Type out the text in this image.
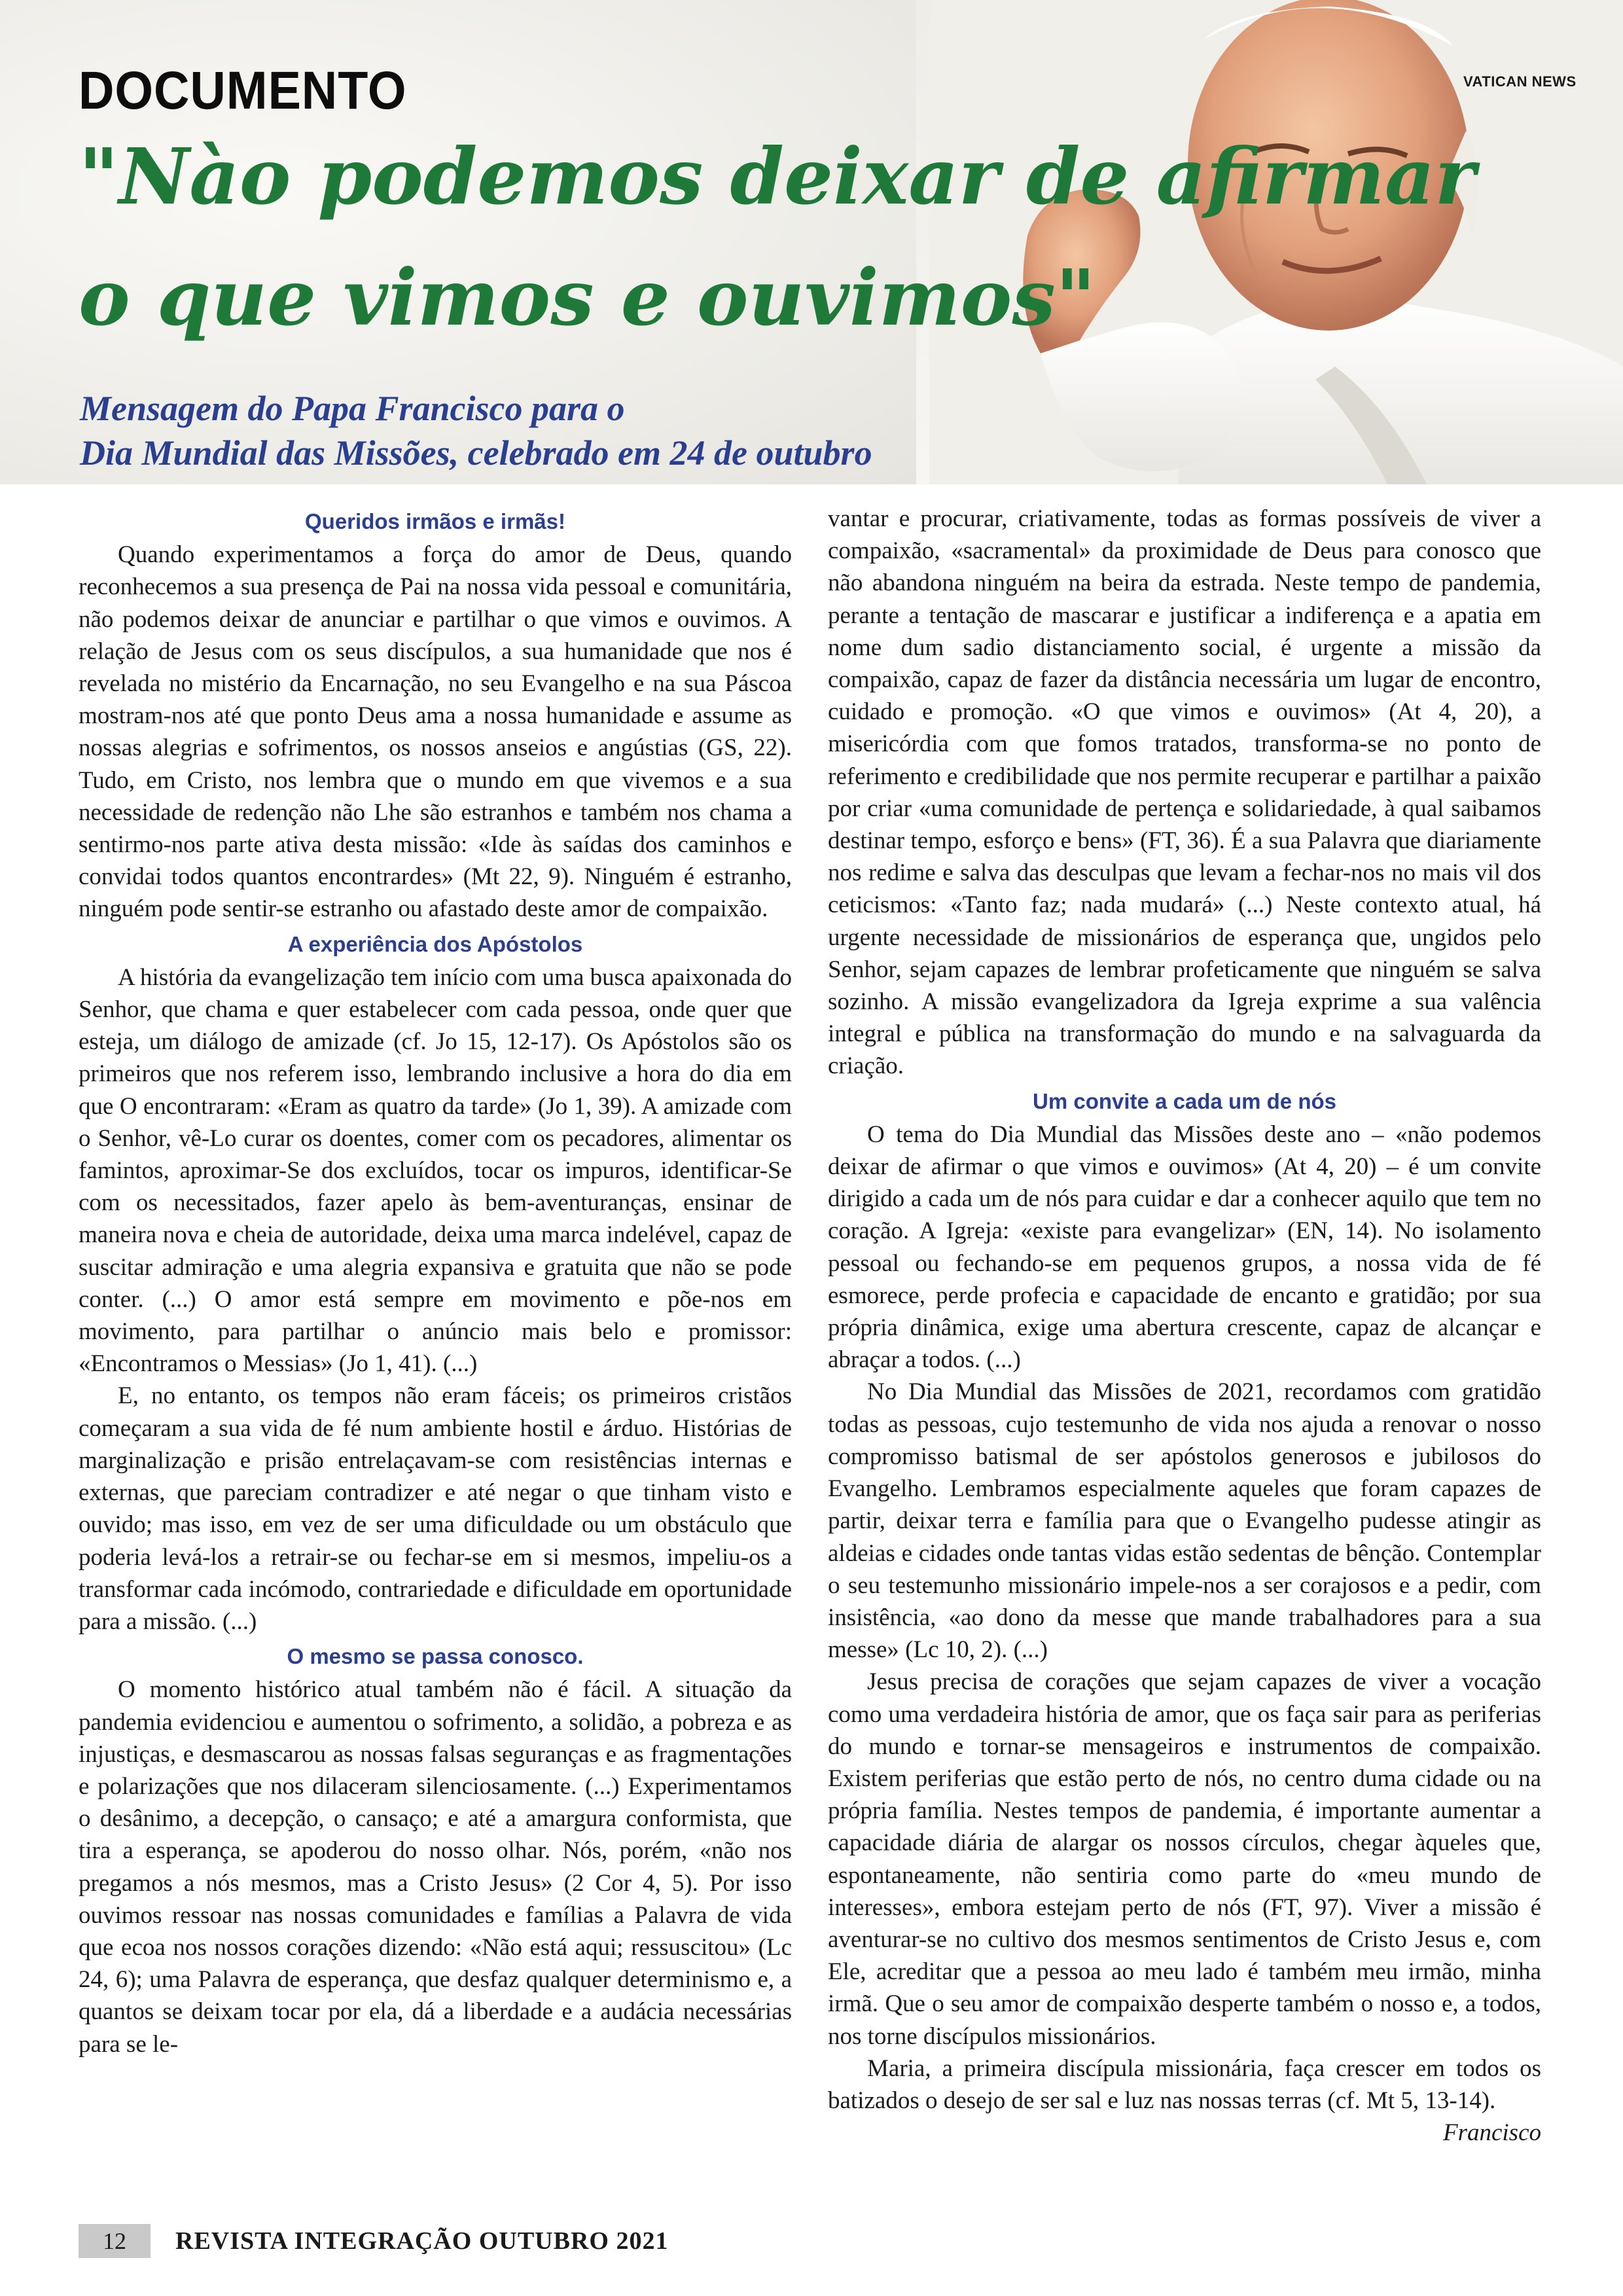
DOCUMENTO	VATICAN NEWS
"Nào podemos deixar de afirmar
o que vimos e ouvimos"
Mensagem do Papa Francisco para o
Dia Mundial das Missões, celebrado em 24 de outubro
Queridos irmãos e irmãs!

Quando experimentamos a força do amor de Deus, quando reconhecemos a sua presença de Pai na nossa vida pessoal e comunitária, não podemos deixar de anunciar e partilhar o que vimos e ouvimos. A relação de Jesus com os seus discípulos, a sua humanidade que nos é revelada no mistério da Encarnação, no seu Evangelho e na sua Páscoa mostram-nos até que ponto Deus ama a nossa humanidade e assume as nossas alegrias e sofrimentos, os nossos anseios e angústias (GS, 22). Tudo, em Cristo, nos lembra que o mundo em que vivemos e a sua necessidade de redenção não Lhe são estranhos e também nos chama a sentirmo-nos parte ativa desta missão: «Ide às saídas dos caminhos e convidai todos quantos encontrardes» (Mt 22, 9). Ninguém é estranho, ninguém pode sentir-se estranho ou afastado deste amor de compaixão.

A experiência dos Apóstolos

A história da evangelização tem início com uma busca apaixonada do Senhor, que chama e quer estabelecer com cada pessoa, onde quer que esteja, um diálogo de amizade (cf. Jo 15, 12-17). Os Apóstolos são os primeiros que nos referem isso, lembrando inclusive a hora do dia em que O encontraram: «Eram as quatro da tarde» (Jo 1, 39). A amizade com o Senhor, vê-Lo curar os doentes, comer com os pecadores, alimentar os famintos, aproximar-Se dos excluídos, tocar os impuros, identificar-Se com os necessitados, fazer apelo às bem-aventuranças, ensinar de maneira nova e cheia de autoridade, deixa uma marca indelével, capaz de suscitar admiração e uma alegria expansiva e gratuita que não se pode conter. (...) O amor está sempre em movimento e põe-nos em movimento, para partilhar o anúncio mais belo e promissor: «Encontramos o Messias» (Jo 1, 41). (...)

E, no entanto, os tempos não eram fáceis; os primeiros cristãos começaram a sua vida de fé num ambiente hostil e árduo. Histórias de marginalização e prisão entrelaçavam-se com resistências internas e externas, que pareciam contradizer e até negar o que tinham visto e ouvido; mas isso, em vez de ser uma dificuldade ou um obstáculo que poderia levá-los a retrair-se ou fechar-se em si mesmos, impeliu-os a transformar cada incómodo, contrariedade e dificuldade em oportunidade para a missão. (...)

O mesmo se passa conosco.

O momento histórico atual também não é fácil. A situação da pandemia evidenciou e aumentou o sofrimento, a solidão, a pobreza e as injustiças, e desmascarou as nossas falsas seguranças e as fragmentações e polarizações que nos dilaceram silenciosamente. (...) Experimentamos o desânimo, a decepção, o cansaço; e até a amargura conformista, que tira a esperança, se apoderou do nosso olhar. Nós, porém, «não nos pregamos a nós mesmos, mas a Cristo Jesus» (2 Cor 4, 5). Por isso ouvimos ressoar nas nossas comunidades e famílias a Palavra de vida que ecoa nos nossos corações dizendo: «Não está aqui; ressuscitou» (Lc 24, 6); uma Palavra de esperança, que desfaz qualquer determinismo e, a quantos se deixam tocar por ela, dá a liberdade e a audácia necessárias para se le-

vantar e procurar, criativamente, todas as formas possíveis de viver a compaixão, «sacramental» da proximidade de Deus para conosco que não abandona ninguém na beira da estrada. Neste tempo de pandemia, perante a tentação de mascarar e justificar a indiferença e a apatia em nome dum sadio distanciamento social, é urgente a missão da compaixão, capaz de fazer da distância necessária um lugar de encontro, cuidado e promoção. «O que vimos e ouvimos» (At 4, 20), a misericórdia com que fomos tratados, transforma-se no ponto de referimento e credibilidade que nos permite recuperar e partilhar a paixão por criar «uma comunidade de pertença e solidariedade, à qual saibamos destinar tempo, esforço e bens» (FT, 36). É a sua Palavra que diariamente nos redime e salva das desculpas que levam a fechar-nos no mais vil dos ceticismos: «Tanto faz; nada mudará» (...) Neste contexto atual, há urgente necessidade de missionários de esperança que, ungidos pelo Senhor, sejam capazes de lembrar profeticamente que ninguém se salva sozinho. A missão evangelizadora da Igreja exprime a sua valência integral e pública na transformação do mundo e na salvaguarda da criação.

Um convite a cada um de nós

O tema do Dia Mundial das Missões deste ano – «não podemos deixar de afirmar o que vimos e ouvimos» (At 4, 20) – é um convite dirigido a cada um de nós para cuidar e dar a conhecer aquilo que tem no coração. A Igreja: «existe para evangelizar» (EN, 14). No isolamento pessoal ou fechando-se em pequenos grupos, a nossa vida de fé esmorece, perde profecia e capacidade de encanto e gratidão; por sua própria dinâmica, exige uma abertura crescente, capaz de alcançar e abraçar a todos. (...)

No Dia Mundial das Missões de 2021, recordamos com gratidão todas as pessoas, cujo testemunho de vida nos ajuda a renovar o nosso compromisso batismal de ser apóstolos generosos e jubilosos do Evangelho. Lembramos especialmente aqueles que foram capazes de partir, deixar terra e família para que o Evangelho pudesse atingir as aldeias e cidades onde tantas vidas estão sedentas de bênção. Contemplar o seu testemunho missionário impele-nos a ser corajosos e a pedir, com insistência, «ao dono da messe que mande trabalhadores para a sua messe» (Lc 10, 2). (...)

Jesus precisa de corações que sejam capazes de viver a vocação como uma verdadeira história de amor, que os faça sair para as periferias do mundo e tornar-se mensageiros e instrumentos de compaixão. Existem periferias que estão perto de nós, no centro duma cidade ou na própria família. Nestes tempos de pandemia, é importante aumentar a capacidade diária de alargar os nossos círculos, chegar àqueles que, espontaneamente, não sentiria como parte do «meu mundo de interesses», embora estejam perto de nós (FT, 97). Viver a missão é aventurar-se no cultivo dos mesmos sentimentos de Cristo Jesus e, com Ele, acreditar que a pessoa ao meu lado é também meu irmão, minha irmã. Que o seu amor de compaixão desperte também o nosso e, a todos, nos torne discípulos missionários.

Maria, a primeira discípula missionária, faça crescer em todos os batizados o desejo de ser sal e luz nas nossas terras (cf. Mt 5, 13-14).

Francisco
12	REVISTA INTEGRAÇÃO OUTUBRO 2021
